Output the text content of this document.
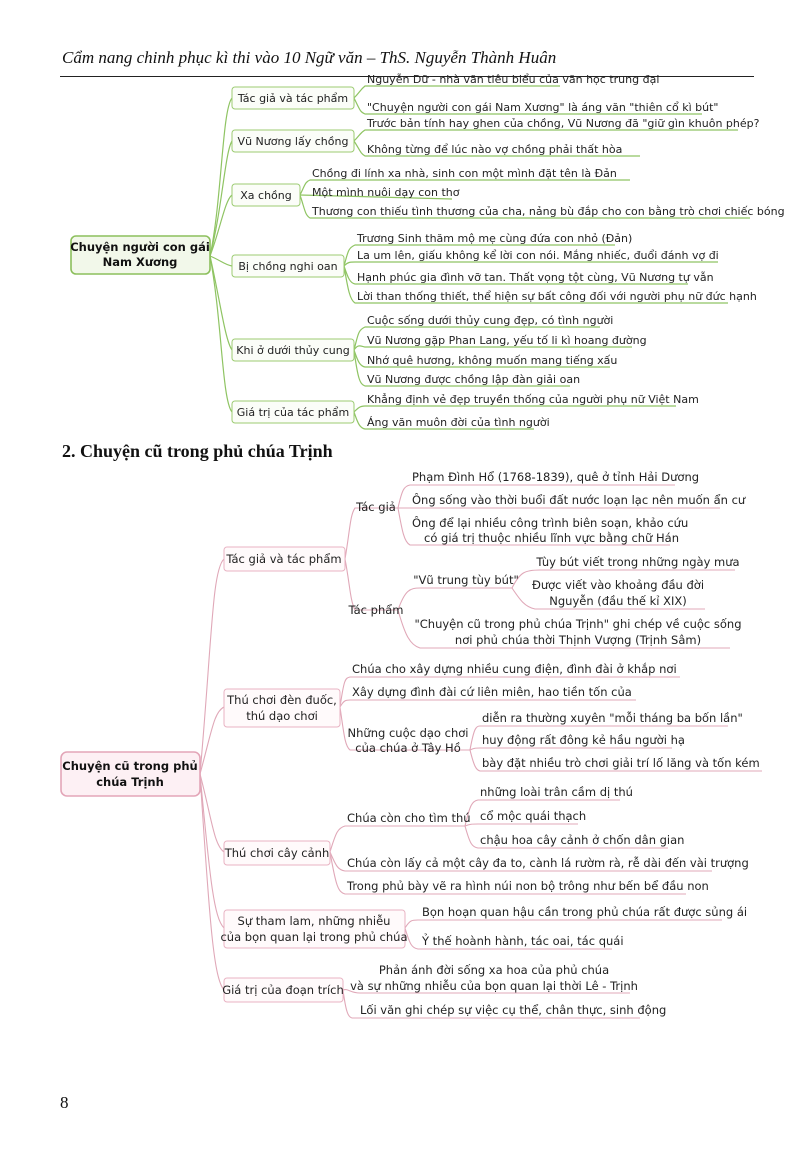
Cẩm nang chinh phục kì thi vào 10 Ngữ văn – ThS. Nguyễn Thành Huân
Chuyện người con gái
Nam Xương
Tác giả và tác phẩm
Vũ Nương lấy chồng
Xa chồng
Bị chồng nghi oan
Khi ở dưới thủy cung
Giá trị của tác phẩm
Nguyễn Dữ - nhà văn tiêu biểu của văn học trung đại
"Chuyện người con gái Nam Xương" là áng văn "thiên cổ kì bút"
Trước bản tính hay ghen của chồng, Vũ Nương đã "giữ gìn khuôn phép?
Không từng để lúc nào vợ chồng phải thất hòa
Chồng đi lính xa nhà, sinh con một mình đặt tên là Đản
Một mình nuôi dạy con thơ
Thương con thiếu tình thương của cha, nảng bù đắp cho con bằng trò chơi chiếc bóng
Trương Sinh thăm mộ mẹ cùng đứa con nhỏ (Đản)
La um lên, giấu không kể lời con nói. Mắng nhiếc, đuổi đánh vợ đi
Hạnh phúc gia đình vỡ tan. Thất vọng tột cùng, Vũ Nương tự vẫn
Lời than thống thiết, thể hiện sự bất công đối với người phụ nữ đức hạnh
Cuộc sống dưới thủy cung đẹp, có tình người
Vũ Nương gặp Phan Lang, yếu tố li kì hoang đường
Nhớ quê hương, không muốn mang tiếng xấu
Vũ Nương được chồng lập đàn giải oan
Khẳng định vẻ đẹp truyền thống của người phụ nữ Việt Nam
Áng văn muôn đời của tình người
Chuyện cũ trong phủ
chúa Trịnh
Tác giả và tác phẩm
Thú chơi đèn đuốc,
thú dạo chơi
Thú chơi cây cảnh
Sự tham lam, những nhiễu
của bọn quan lại trong phủ chúa
Giá trị của đoạn trích
Tác giả
Phạm Đình Hổ (1768-1839), quê ở tỉnh Hải Dương
Ông sống vào thời buổi đất nước loạn lạc nên muốn ẩn cư
Ông để lại nhiều công trình biên soạn, khảo cứu
có giá trị thuộc nhiều lĩnh vực bằng chữ Hán
Tác phẩm
"Vũ trung tùy bút"
Tùy bút viết trong những ngày mưa
Được viết vào khoảng đầu đời
Nguyễn (đầu thế kỉ XIX)
"Chuyện cũ trong phủ chúa Trịnh" ghi chép về cuộc sống
nơi phủ chúa thời Thịnh Vượng (Trịnh Sâm)
Chúa cho xây dựng nhiều cung điện, đình đài ở khắp nơi
Xây dựng đình đài cứ liên miên, hao tiền tốn của
Những cuộc dạo chơi
của chúa ở Tây Hồ
diễn ra thường xuyên "mỗi tháng ba bốn lần"
huy động rất đông kẻ hầu người hạ
bày đặt nhiều trò chơi giải trí lố lăng và tốn kém
Chúa còn cho tìm thú
những loài trân cầm dị thú
cổ mộc quái thạch
chậu hoa cây cảnh ở chốn dân gian
Chúa còn lấy cả một cây đa to, cành lá rườm rà, rễ dài đến vài trượng
Trong phủ bày vẽ ra hình núi non bộ trông như bến bể đầu non
Bọn hoạn quan hậu cần trong phủ chúa rất được sủng ái
Ỷ thế hoành hành, tác oai, tác quái
Phản ánh đời sống xa hoa của phủ chúa
và sự những nhiễu của bọn quan lại thời Lê - Trịnh
Lối văn ghi chép sự việc cụ thể, chân thực, sinh động
2. Chuyện cũ trong phủ chúa Trịnh
8
